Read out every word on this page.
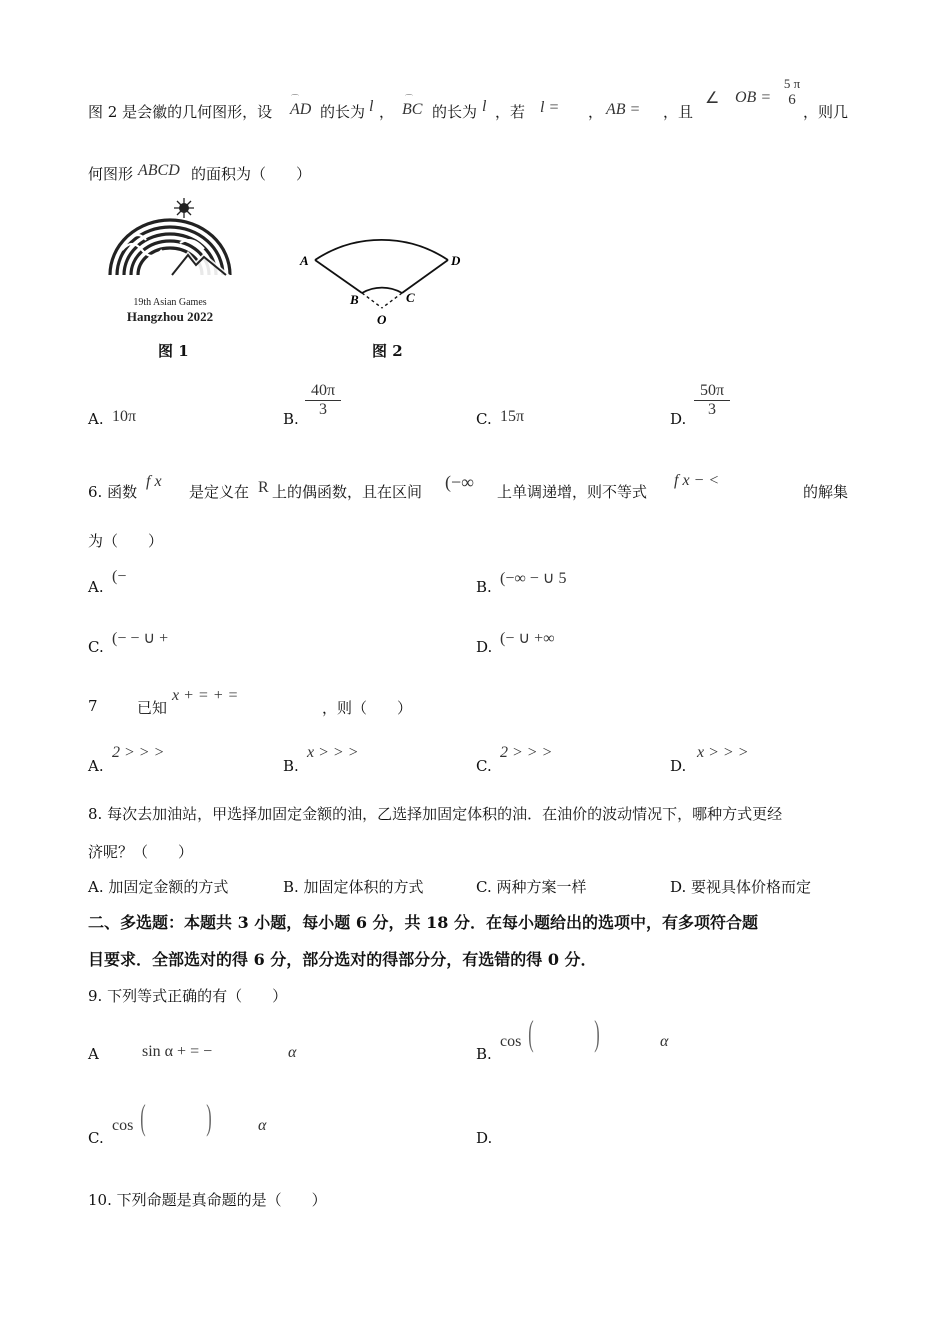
图 2 是会徽的几何图形，设 AD
⌒
的长为 l ， BC
⌒
的长为 l ，若 l = ， AB = ，且
∠ OB =
5 π
6
，则几
何图形 ABCD 的面积为（　　）
19th Asian Games
Hangzhou 2022
图 1
A	D
B	C
O
图 2
A. 10π	B. $\frac{40\pi}{3}$	C. 15π	D. $\frac{50\pi}{3}$
6. 函数
f x
是定义在 R 上的偶函数，且在区间 (−∞ 上单调递增，则不等式
f x − <
的解集
为（　　）
A.
(−
B. (−∞ − ∪ 5
C. (− − ∪ +	D. (− ∪ +∞
7	已知
x + = + =
，则（　　）
A.
2 > > >
B.
x > > >
C.
2 > > >
D.
x > > >
8. 每次去加油站，甲选择加固定金额的油，乙选择加固定体积的油．在油价的波动情况下，哪种方式更经
济呢？（　　）
A. 加固定金额的方式	B. 加固定体积的方式	C. 两种方案一样	D. 要视具体价格而定
二、多选题：本题共 3 小题，每小题 6 分，共 18 分．在每小题给出的选项中，有多项符合题
目要求．全部选对的得 6 分，部分选对的得部分分，有选错的得 0 分．
9. 下列等式正确的有（　　）
A	sin α + = −	α	B.
cos ( )	α
C.
cos ( )	α
D.
10. 下列命题是真命题的是（　　）
